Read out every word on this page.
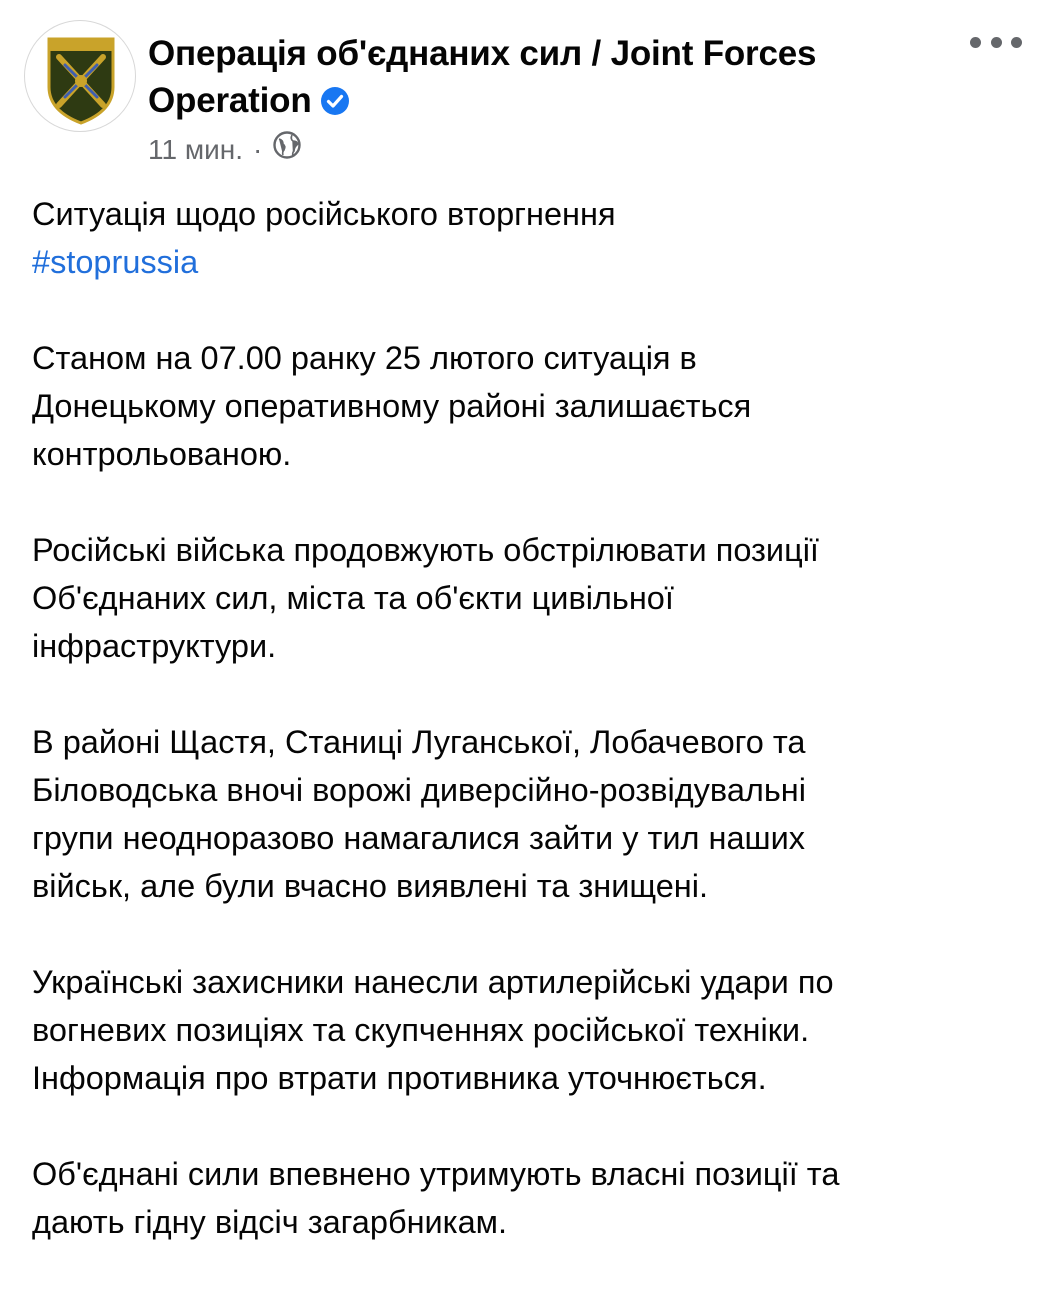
Операція об'єднаних сил / Joint Forces Operation
11 мин. ·

Ситуація щодо російського вторгнення
#stoprussia

Станом на 07.00 ранку 25 лютого ситуація в
Донецькому оперативному районі залишається
контрольованою.

Російські війська продовжують обстрілювати позиції
Об'єднаних сил, міста та об'єкти цивільної
інфраструктури.

В районі Щастя, Станиці Луганської, Лобачевого та
Біловодська вночі ворожі диверсійно-розвідувальні
групи неодноразово намагалися зайти у тил наших
військ, але були вчасно виявлені та знищені.

Українські захисники нанесли артилерійські удари по
вогневих позиціях та скупченнях російської техніки.
Інформація про втрати противника уточнюється.

Об'єднані сили впевнено утримують власні позиції та
дають гідну відсіч загарбникам.
